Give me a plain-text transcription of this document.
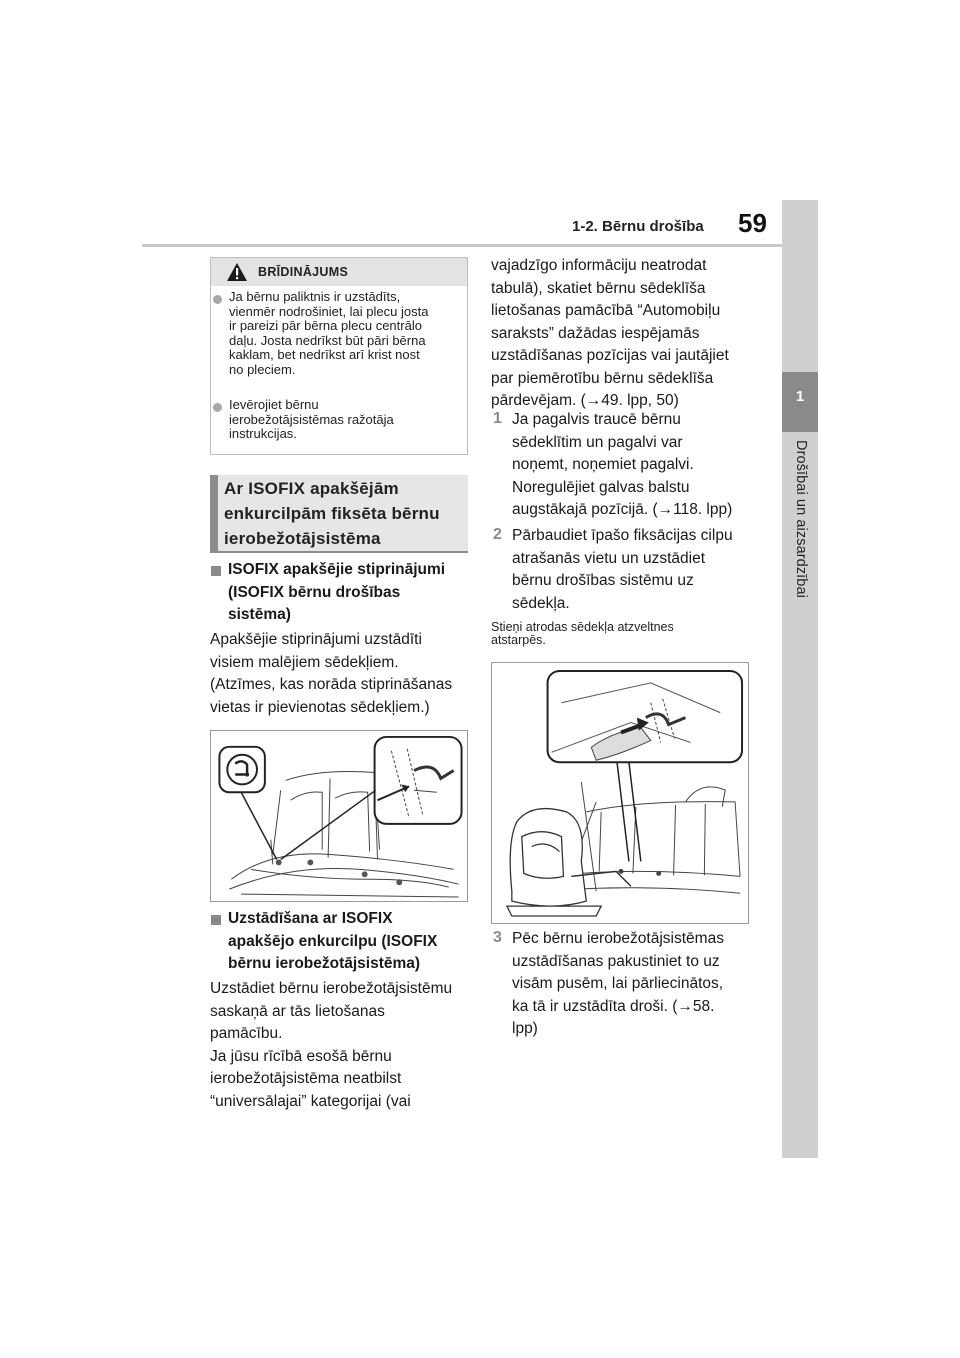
1-2. Bērnu drošība 59
1
Drošībai un aizsardzībai
BRĪDINĀJUMS
Ja bērnu paliktnis ir uzstādīts,
vienmēr nodrošiniet, lai plecu josta
ir pareizi pār bērna plecu centrālo
daļu. Josta nedrīkst būt pāri bērna
kaklam, bet nedrīkst arī krist nost
no pleciem.
Ievērojiet bērnu
ierobežotājsistēmas ražotāja
instrukcijas.
Ar ISOFIX apakšējām
enkurcilpām fiksēta bērnu
ierobežotājsistēma
ISOFIX apakšējie stiprinājumi
(ISOFIX bērnu drošības
sistēma)
Apakšējie stiprinājumi uzstādīti
visiem malējiem sēdekļiem.
(Atzīmes, kas norāda stiprināšanas
vietas ir pievienotas sēdekļiem.)
Uzstādīšana ar ISOFIX
apakšējo enkurcilpu (ISOFIX
bērnu ierobežotājsistēma)
Uzstādiet bērnu ierobežotājsistēmu
saskaņā ar tās lietošanas
pamācību.
Ja jūsu rīcībā esošā bērnu
ierobežotājsistēma neatbilst
“universālajai” kategorijai (vai
vajadzīgo informāciju neatrodat
tabulā), skatiet bērnu sēdeklīša
lietošanas pamācībā “Automobiļu
saraksts” dažādas iespējamās
uzstādīšanas pozīcijas vai jautājiet
par piemērotību bērnu sēdeklīša
pārdevējam. (→49. lpp, 50)
1 Ja pagalvis traucē bērnu
sēdeklītim un pagalvi var
noņemt, noņemiet pagalvi.
Noregulējiet galvas balstu
augstākajā pozīcijā. (→118. lpp)
2 Pārbaudiet īpašo fiksācijas cilpu
atrašanās vietu un uzstādiet
bērnu drošības sistēmu uz
sēdekļa.
Stieņi atrodas sēdekļa atzveltnes
atstarpēs.
3 Pēc bērnu ierobežotājsistēmas
uzstādīšanas pakustiniet to uz
visām pusēm, lai pārliecinātos,
ka tā ir uzstādīta droši. (→58.
lpp)
